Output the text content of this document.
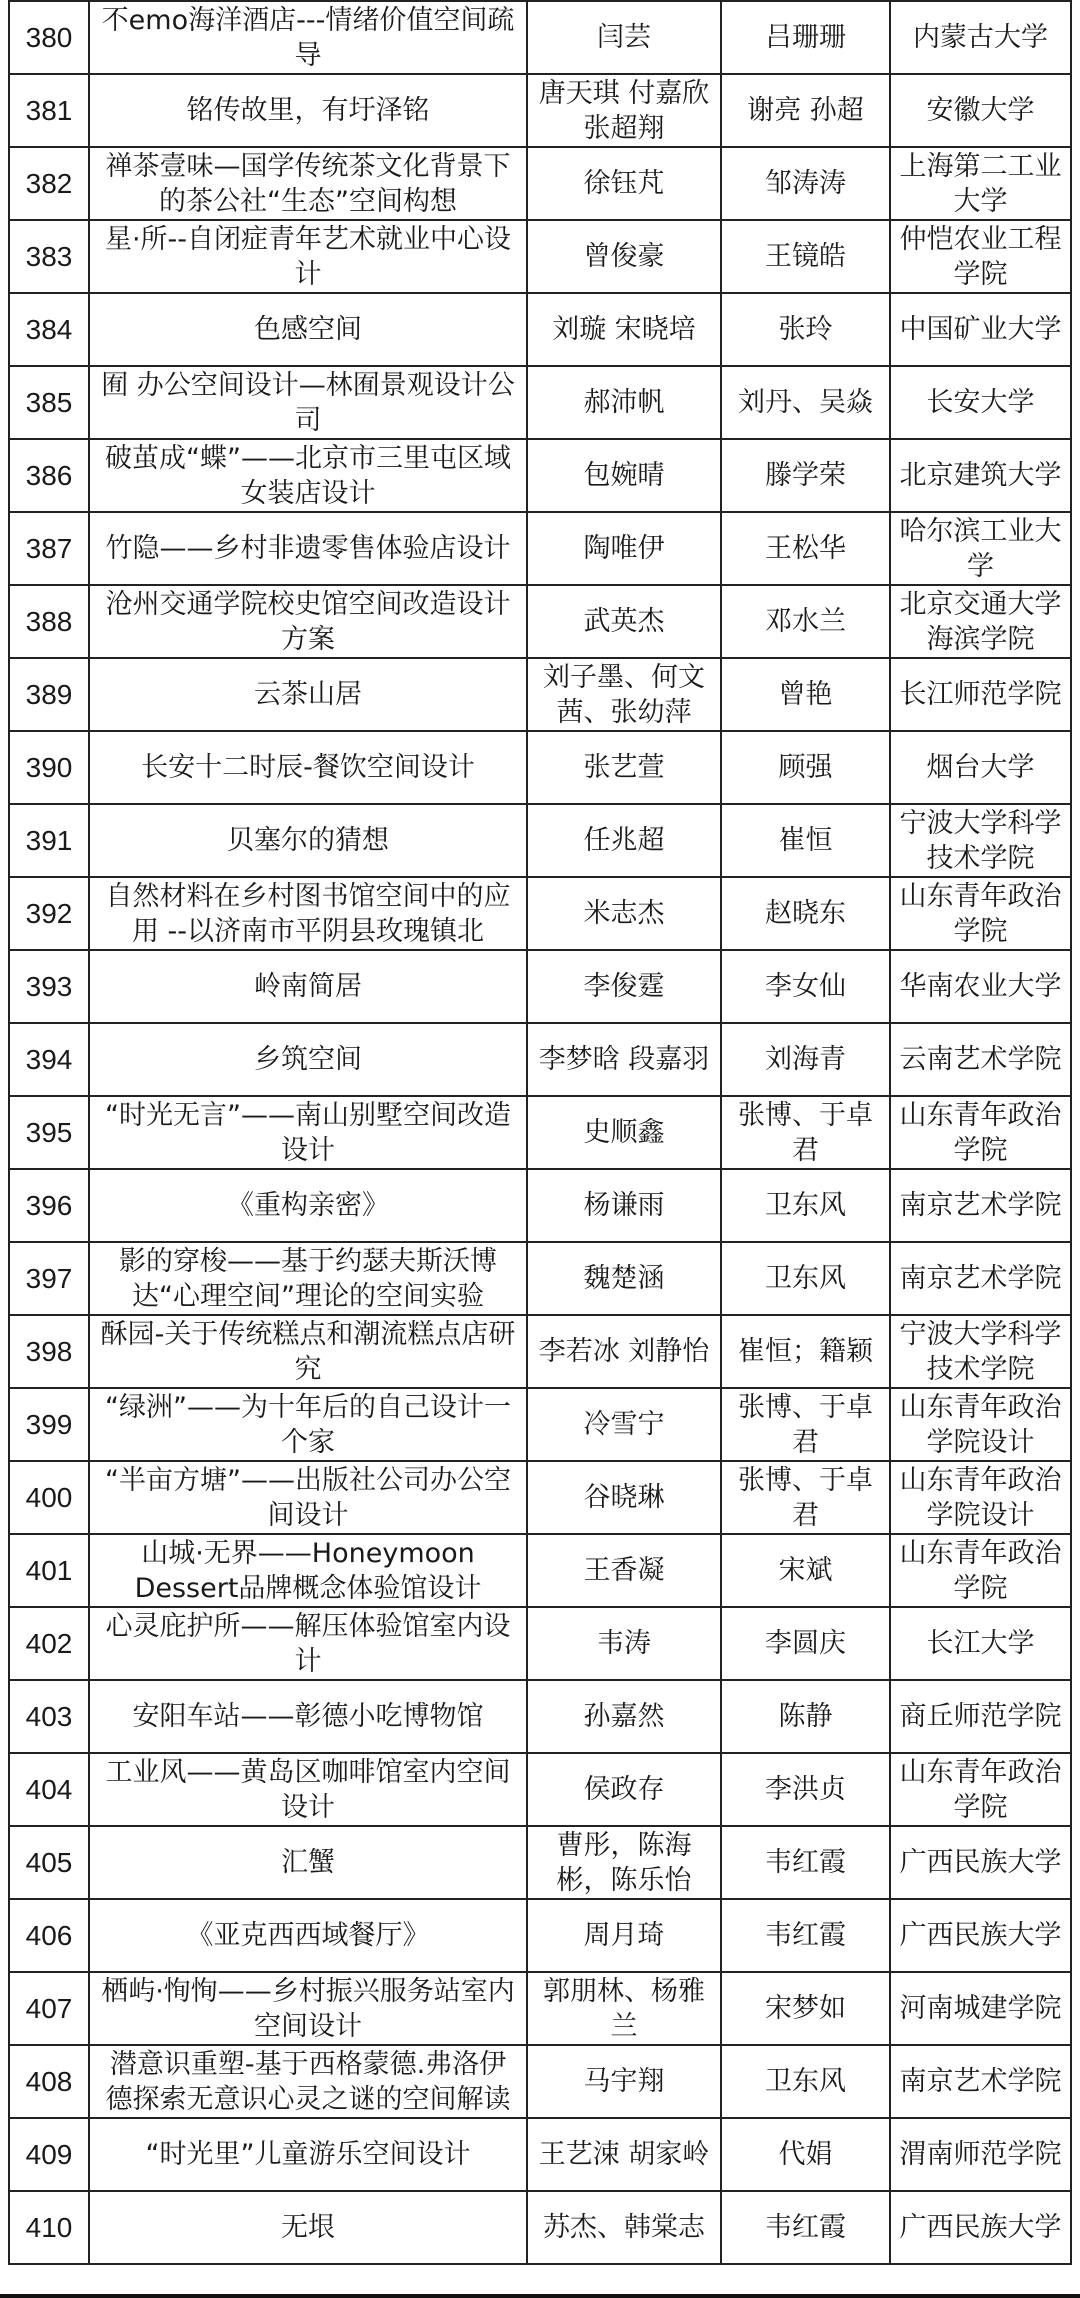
380	不emo海洋酒店---情绪价值空间疏导	闫芸	吕珊珊	内蒙古大学
381	铭传故里，有圩泽铭	唐天琪 付嘉欣 张超翔	谢亮 孙超	安徽大学
382	禅茶壹味—国学传统茶文化背景下的茶公社“生态”空间构想	徐钰芃	邹涛涛	上海第二工业大学
383	星·所--自闭症青年艺术就业中心设计	曾俊豪	王镜皓	仲恺农业工程学院
384	色感空间	刘璇 宋晓培	张玲	中国矿业大学
385	囿 办公空间设计—林囿景观设计公司	郝沛帆	刘丹、吴焱	长安大学
386	破茧成“蝶”——北京市三里屯区域女装店设计	包婉晴	滕学荣	北京建筑大学
387	竹隐——乡村非遗零售体验店设计	陶唯伊	王松华	哈尔滨工业大学
388	沧州交通学院校史馆空间改造设计方案	武英杰	邓水兰	北京交通大学海滨学院
389	云茶山居	刘子墨、何文茜、张幼萍	曾艳	长江师范学院
390	长安十二时辰-餐饮空间设计	张艺萱	顾强	烟台大学
391	贝塞尔的猜想	任兆超	崔恒	宁波大学科学技术学院
392	自然材料在乡村图书馆空间中的应用 --以济南市平阴县玫瑰镇北	米志杰	赵晓东	山东青年政治学院
393	岭南简居	李俊霆	李女仙	华南农业大学
394	乡筑空间	李梦晗 段嘉羽	刘海青	云南艺术学院
395	“时光无言”——南山别墅空间改造设计	史顺鑫	张博、于卓君	山东青年政治学院
396	《重构亲密》	杨谦雨	卫东风	南京艺术学院
397	影的穿梭——基于约瑟夫斯沃博达“心理空间”理论的空间实验	魏楚涵	卫东风	南京艺术学院
398	酥园-关于传统糕点和潮流糕点店研究	李若冰 刘静怡	崔恒；籍颖	宁波大学科学技术学院
399	“绿洲”——为十年后的自己设计一个家	冷雪宁	张博、于卓君	山东青年政治学院设计
400	“半亩方塘”——出版社公司办公空间设计	谷晓琳	张博、于卓君	山东青年政治学院设计
401	山城·无界——Honeymoon Dessert品牌概念体验馆设计	王香凝	宋斌	山东青年政治学院
402	心灵庇护所——解压体验馆室内设计	韦涛	李圆庆	长江大学
403	安阳车站——彰德小吃博物馆	孙嘉然	陈静	商丘师范学院
404	工业风——黄岛区咖啡馆室内空间设计	侯政存	李洪贞	山东青年政治学院
405	汇蟹	曹彤，陈海彬，陈乐怡	韦红霞	广西民族大学
406	《亚克西西域餐厅》	周月琦	韦红霞	广西民族大学
407	栖屿·恂恂——乡村振兴服务站室内空间设计	郭朋林、杨雅兰	宋梦如	河南城建学院
408	潜意识重塑-基于西格蒙德.弗洛伊德探索无意识心灵之谜的空间解读	马宇翔	卫东风	南京艺术学院
409	“时光里”儿童游乐空间设计	王艺涑 胡家岭	代娟	渭南师范学院
410	无垠	苏杰、韩棠志	韦红霞	广西民族大学
